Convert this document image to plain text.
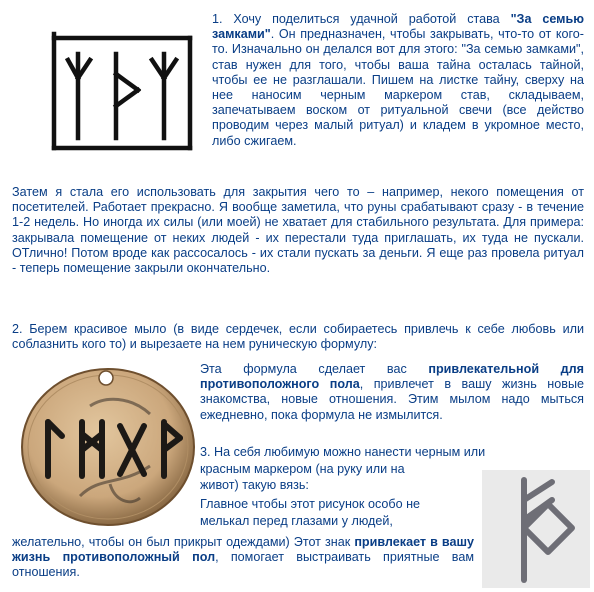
1. Хочу поделиться удачной работой става "За семью замками". Он предназначен, чтобы закрывать, что-то от кого-то. Изначально он делался вот для этого: "За семью замками", став нужен для того, чтобы ваша тайна осталась тайной, чтобы ее не разглашали. Пишем на листке тайну, сверху на нее наносим черным маркером став, складываем, запечатываем воском от ритуальной свечи (все действо проводим через малый ритуал) и кладем в укромное место, либо сжигаем.
Затем я стала его использовать для закрытия чего то – например, некого помещения от посетителей. Работает прекрасно. Я вообще заметила, что руны срабатывают сразу - в течение 1-2 недель. Но иногда их силы (или моей) не хватает для стабильного результата. Для примера: закрывала помещение от неких людей - их перестали туда приглашать, их туда не пускали. ОТлично! Потом вроде как рассосалось - их стали пускать за деньги. Я еще раз провела ритуал - теперь помещение закрыли окончательно.
2. Берем красивое мыло (в виде сердечек, если собираетесь привлечь к себе любовь или соблазнить кого то) и вырезаете на нем руническую формулу:
Эта формула сделает вас привлекательной для противоположного пола, привлечет в вашу жизнь новые знакомства, новые отношения. Этим мылом надо мыться ежедневно, пока формула не измылится.
3. На себя любимую можно нанести черным или
красным маркером (на руку или на
живот) такую вязь:
Главное чтобы этот рисунок особо не
мелькал перед глазами у людей,
желательно, чтобы он был прикрыт одеждами) Этот знак привлекает в вашу жизнь противоположный пол, помогает выстраивать приятные вам отношения.
